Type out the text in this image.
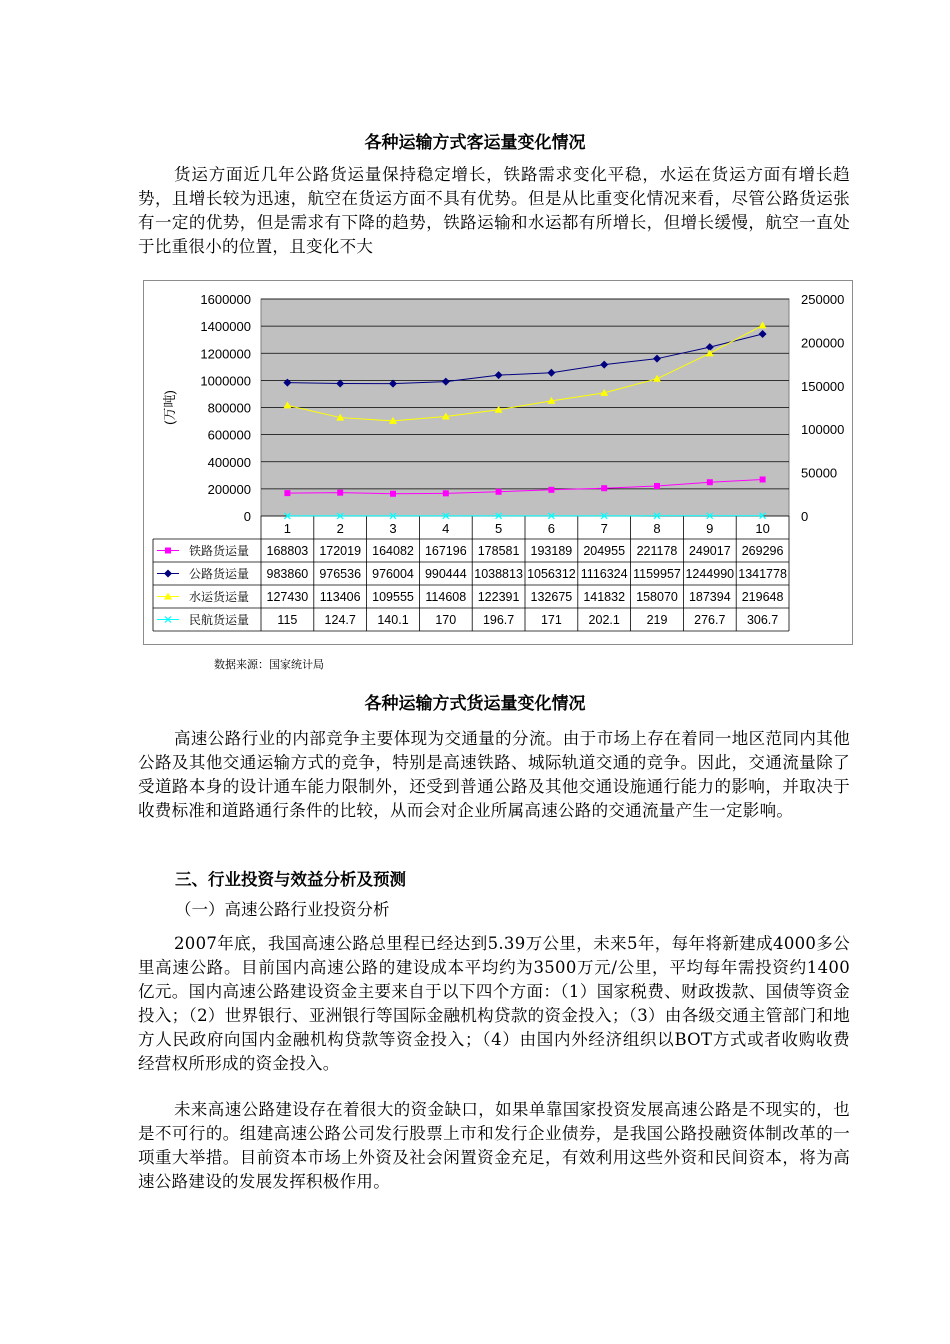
各种运输方式客运量变化情况
货运方面近几年公路货运量保持稳定增长，铁路需求变化平稳，水运在货运方面有增长趋势，且增长较为迅速，航空在货运方面不具有优势。但是从比重变化情况来看，尽管公路货运张有一定的优势，但是需求有下降的趋势，铁路运输和水运都有所增长，但增长缓慢，航空一直处于比重很小的位置，且变化不大
0
200000
400000
600000
800000
1000000
1200000
1400000
1600000
0
50000
100000
150000
200000
250000
(万吨)
1	2	3	4	5	6	7	8	9	10
铁路货运量 168803 172019 164082 167196 178581 193189 204955 221178 249017 269296
公路货运量 983860 976536 976004 990444 1038813 1056312 1116324 1159957 1244990 1341778
水运货运量 127430 113406 109555 114608 122391 132675 141832 158070 187394 219648
民航货运量 115 124.7 140.1 170 196.7 171 202.1 219 276.7 306.7
数据来源：国家统计局
各种运输方式货运量变化情况
高速公路行业的内部竞争主要体现为交通量的分流。由于市场上存在着同一地区范同内其他公路及其他交通运输方式的竞争，特别是高速铁路、城际轨道交通的竞争。因此，交通流量除了受道路本身的设计通车能力限制外，还受到普通公路及其他交通设施通行能力的影响，并取决于收费标准和道路通行条件的比较，从而会对企业所属高速公路的交通流量产生一定影响。
三、行业投资与效益分析及预测
（一）高速公路行业投资分析
2007年底，我国高速公路总里程已经达到5.39万公里，未来5年，每年将新建成4000多公里高速公路。目前国内高速公路的建设成本平均约为3500万元/公里，平均每年需投资约1400亿元。国内高速公路建设资金主要来自于以下四个方面：（1）国家税费、财政拨款、国债等资金投入；（2）世界银行、亚洲银行等国际金融机构贷款的资金投入；（3）由各级交通主管部门和地方人民政府向国内金融机构贷款等资金投入；（4）由国内外经济组织以BOT方式或者收购收费经营权所形成的资金投入。
未来高速公路建设存在着很大的资金缺口，如果单靠国家投资发展高速公路是不现实的，也是不可行的。组建高速公路公司发行股票上市和发行企业债券，是我国公路投融资体制改革的一项重大举措。目前资本市场上外资及社会闲置资金充足，有效利用这些外资和民间资本，将为高速公路建设的发展发挥积极作用。
